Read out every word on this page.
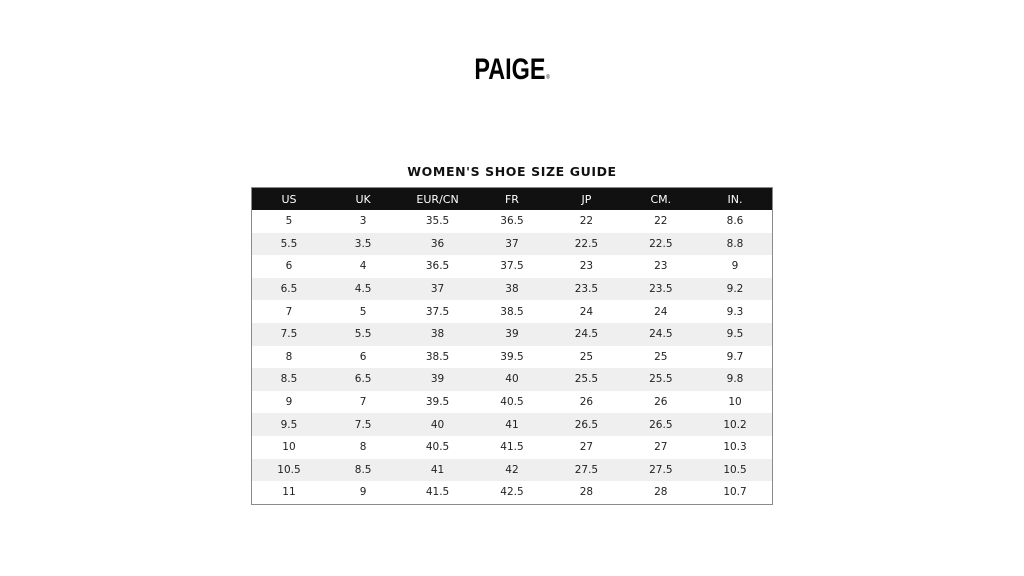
PAIGE®
WOMEN'S SHOE SIZE GUIDE
US	UK	EUR/CN	FR	JP	CM.	IN.
5	3	35.5	36.5	22	22	8.6
5.5	3.5	36	37	22.5	22.5	8.8
6	4	36.5	37.5	23	23	9
6.5	4.5	37	38	23.5	23.5	9.2
7	5	37.5	38.5	24	24	9.3
7.5	5.5	38	39	24.5	24.5	9.5
8	6	38.5	39.5	25	25	9.7
8.5	6.5	39	40	25.5	25.5	9.8
9	7	39.5	40.5	26	26	10
9.5	7.5	40	41	26.5	26.5	10.2
10	8	40.5	41.5	27	27	10.3
10.5	8.5	41	42	27.5	27.5	10.5
11	9	41.5	42.5	28	28	10.7
